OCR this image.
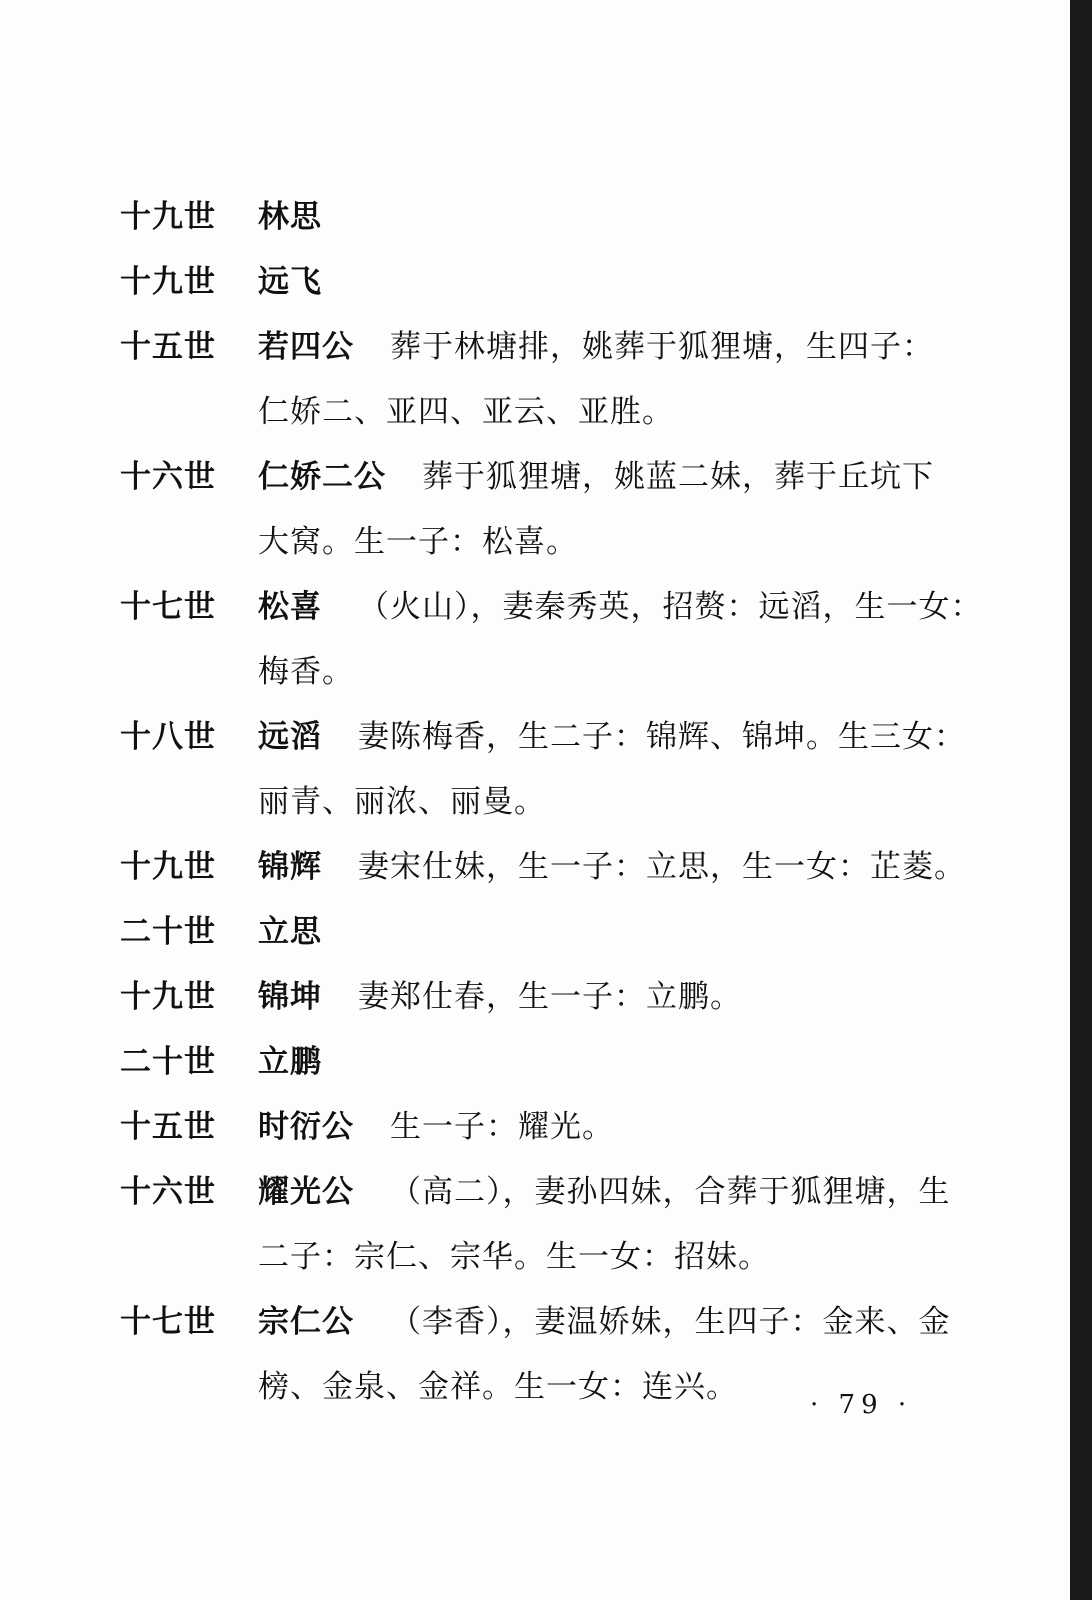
十九世	林思
十九世	远飞
十五世	若四公 葬于林塘排，姚葬于狐狸塘，生四子：
仁娇二、亚四、亚云、亚胜。
十六世	仁娇二公 葬于狐狸塘，姚蓝二妹，葬于丘坑下
大窝。生一子：松喜。
十七世	松喜 （火山），妻秦秀英，招赘：远滔，生一女：
梅香。
十八世	远滔 妻陈梅香，生二子：锦辉、锦坤。生三女：
丽青、丽浓、丽曼。
十九世	锦辉 妻宋仕妹，生一子：立思，生一女：芷菱。
二十世	立思
十九世	锦坤 妻郑仕春，生一子：立鹏。
二十世	立鹏
十五世	时衍公 生一子：耀光。
十六世	耀光公 （高二），妻孙四妹，合葬于狐狸塘，生
二子：宗仁、宗华。生一女：招妹。
十七世	宗仁公 （李香），妻温娇妹，生四子：金来、金
榜、金泉、金祥。生一女：连兴。	· 79 ·
